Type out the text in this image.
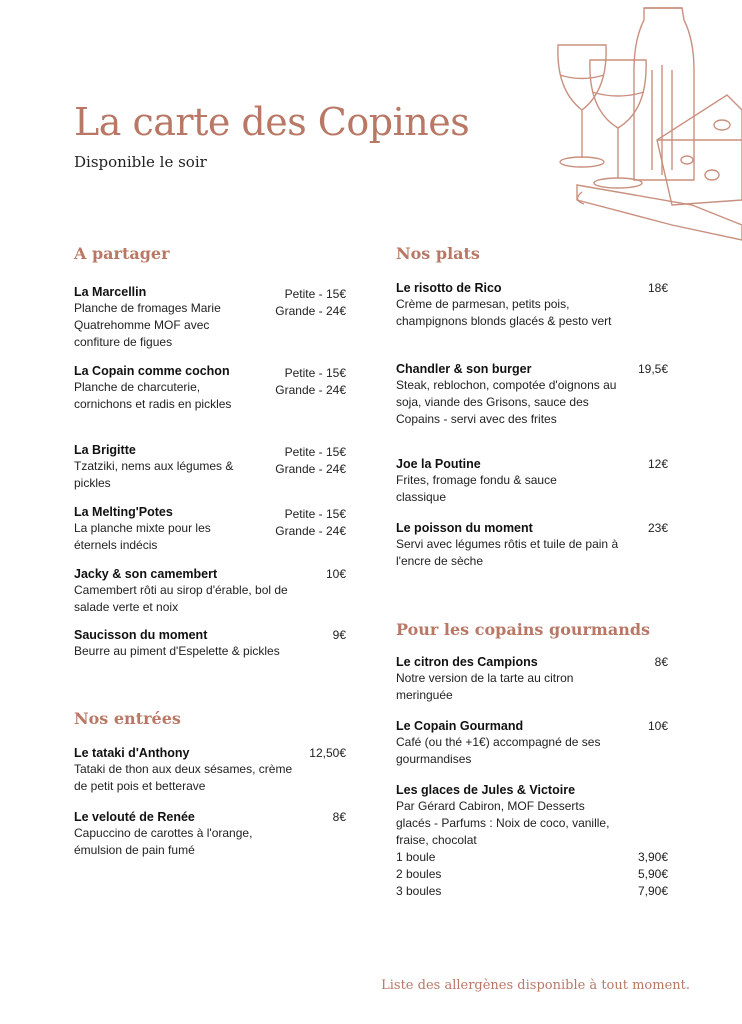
La carte des Copines
Disponible le soir
A partager
La Marcellin
Planche de fromages Marie Quatrehomme MOF avec confiture de figues
Petite - 15€
Grande - 24€
La Copain comme cochon
Planche de charcuterie, cornichons et radis en pickles
Petite - 15€
Grande - 24€
La Brigitte
Tzatziki, nems aux légumes & pickles
Petite - 15€
Grande - 24€
La Melting'Potes
La planche mixte pour les éternels indécis
Petite - 15€
Grande - 24€
Jacky & son camembert	10€
Camembert rôti au sirop d'érable, bol de salade verte et noix
Saucisson du moment	9€
Beurre au piment d'Espelette & pickles
Nos entrées
Le tataki d'Anthony	12,50€
Tataki de thon aux deux sésames, crème de petit pois et betterave
Le velouté de Renée	8€
Capuccino de carottes à l'orange, émulsion de pain fumé
Nos plats
Le risotto de Rico	18€
Crème de parmesan, petits pois, champignons blonds glacés & pesto vert
Chandler & son burger	19,5€
Steak, reblochon, compotée d'oignons au soja, viande des Grisons, sauce des Copains - servi avec des frites
Joe la Poutine	12€
Frites, fromage fondu & sauce classique
Le poisson du moment	23€
Servi avec légumes rôtis et tuile de pain à l'encre de sèche
Pour les copains gourmands
Le citron des Campions	8€
Notre version de la tarte au citron meringuée
Le Copain Gourmand	10€
Café (ou thé +1€) accompagné de ses gourmandises
Les glaces de Jules & Victoire
Par Gérard Cabiron, MOF Desserts glacés - Parfums : Noix de coco, vanille, fraise, chocolat
1 boule	3,90€
2 boules	5,90€
3 boules	7,90€
Liste des allergènes disponible à tout moment.
